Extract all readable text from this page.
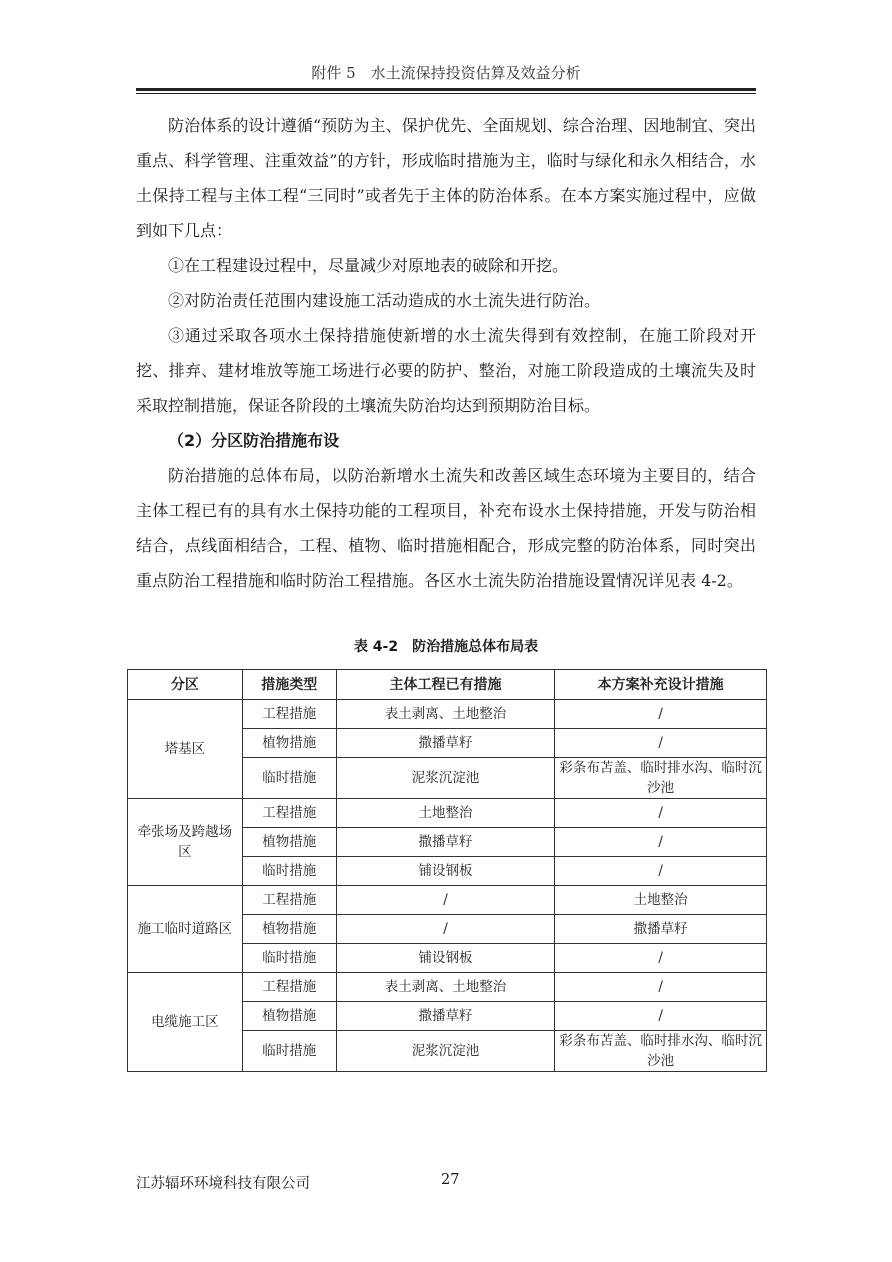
附件 5　水土流保持投资估算及效益分析

防治体系的设计遵循“预防为主、保护优先、全面规划、综合治理、因地制宜、突出重点、科学管理、注重效益”的方针，形成临时措施为主，临时与绿化和永久相结合，水土保持工程与主体工程“三同时”或者先于主体的防治体系。在本方案实施过程中，应做到如下几点：

①在工程建设过程中，尽量减少对原地表的破除和开挖。

②对防治责任范围内建设施工活动造成的水土流失进行防治。

③通过采取各项水土保持措施使新增的水土流失得到有效控制，在施工阶段对开挖、排弃、建材堆放等施工场进行必要的防护、整治，对施工阶段造成的土壤流失及时采取控制措施，保证各阶段的土壤流失防治均达到预期防治目标。

（2）分区防治措施布设

防治措施的总体布局，以防治新增水土流失和改善区域生态环境为主要目的，结合主体工程已有的具有水土保持功能的工程项目，补充布设水土保持措施，开发与防治相结合，点线面相结合，工程、植物、临时措施相配合，形成完整的防治体系，同时突出重点防治工程措施和临时防治工程措施。各区水土流失防治措施设置情况详见表 4-2。

表 4-2　防治措施总体布局表
分区	措施类型	主体工程已有措施	本方案补充设计措施
塔基区	工程措施	表土剥离、土地整治	/
	植物措施	撒播草籽	/
	临时措施	泥浆沉淀池	彩条布苫盖、临时排水沟、临时沉沙池
牵张场及跨越场区	工程措施	土地整治	/
	植物措施	撒播草籽	/
	临时措施	铺设钢板	/
施工临时道路区	工程措施	/	土地整治
	植物措施	/	撒播草籽
	临时措施	铺设钢板	/
电缆施工区	工程措施	表土剥离、土地整治	/
	植物措施	撒播草籽	/
	临时措施	泥浆沉淀池	彩条布苫盖、临时排水沟、临时沉沙池
江苏辐环环境科技有限公司	27
